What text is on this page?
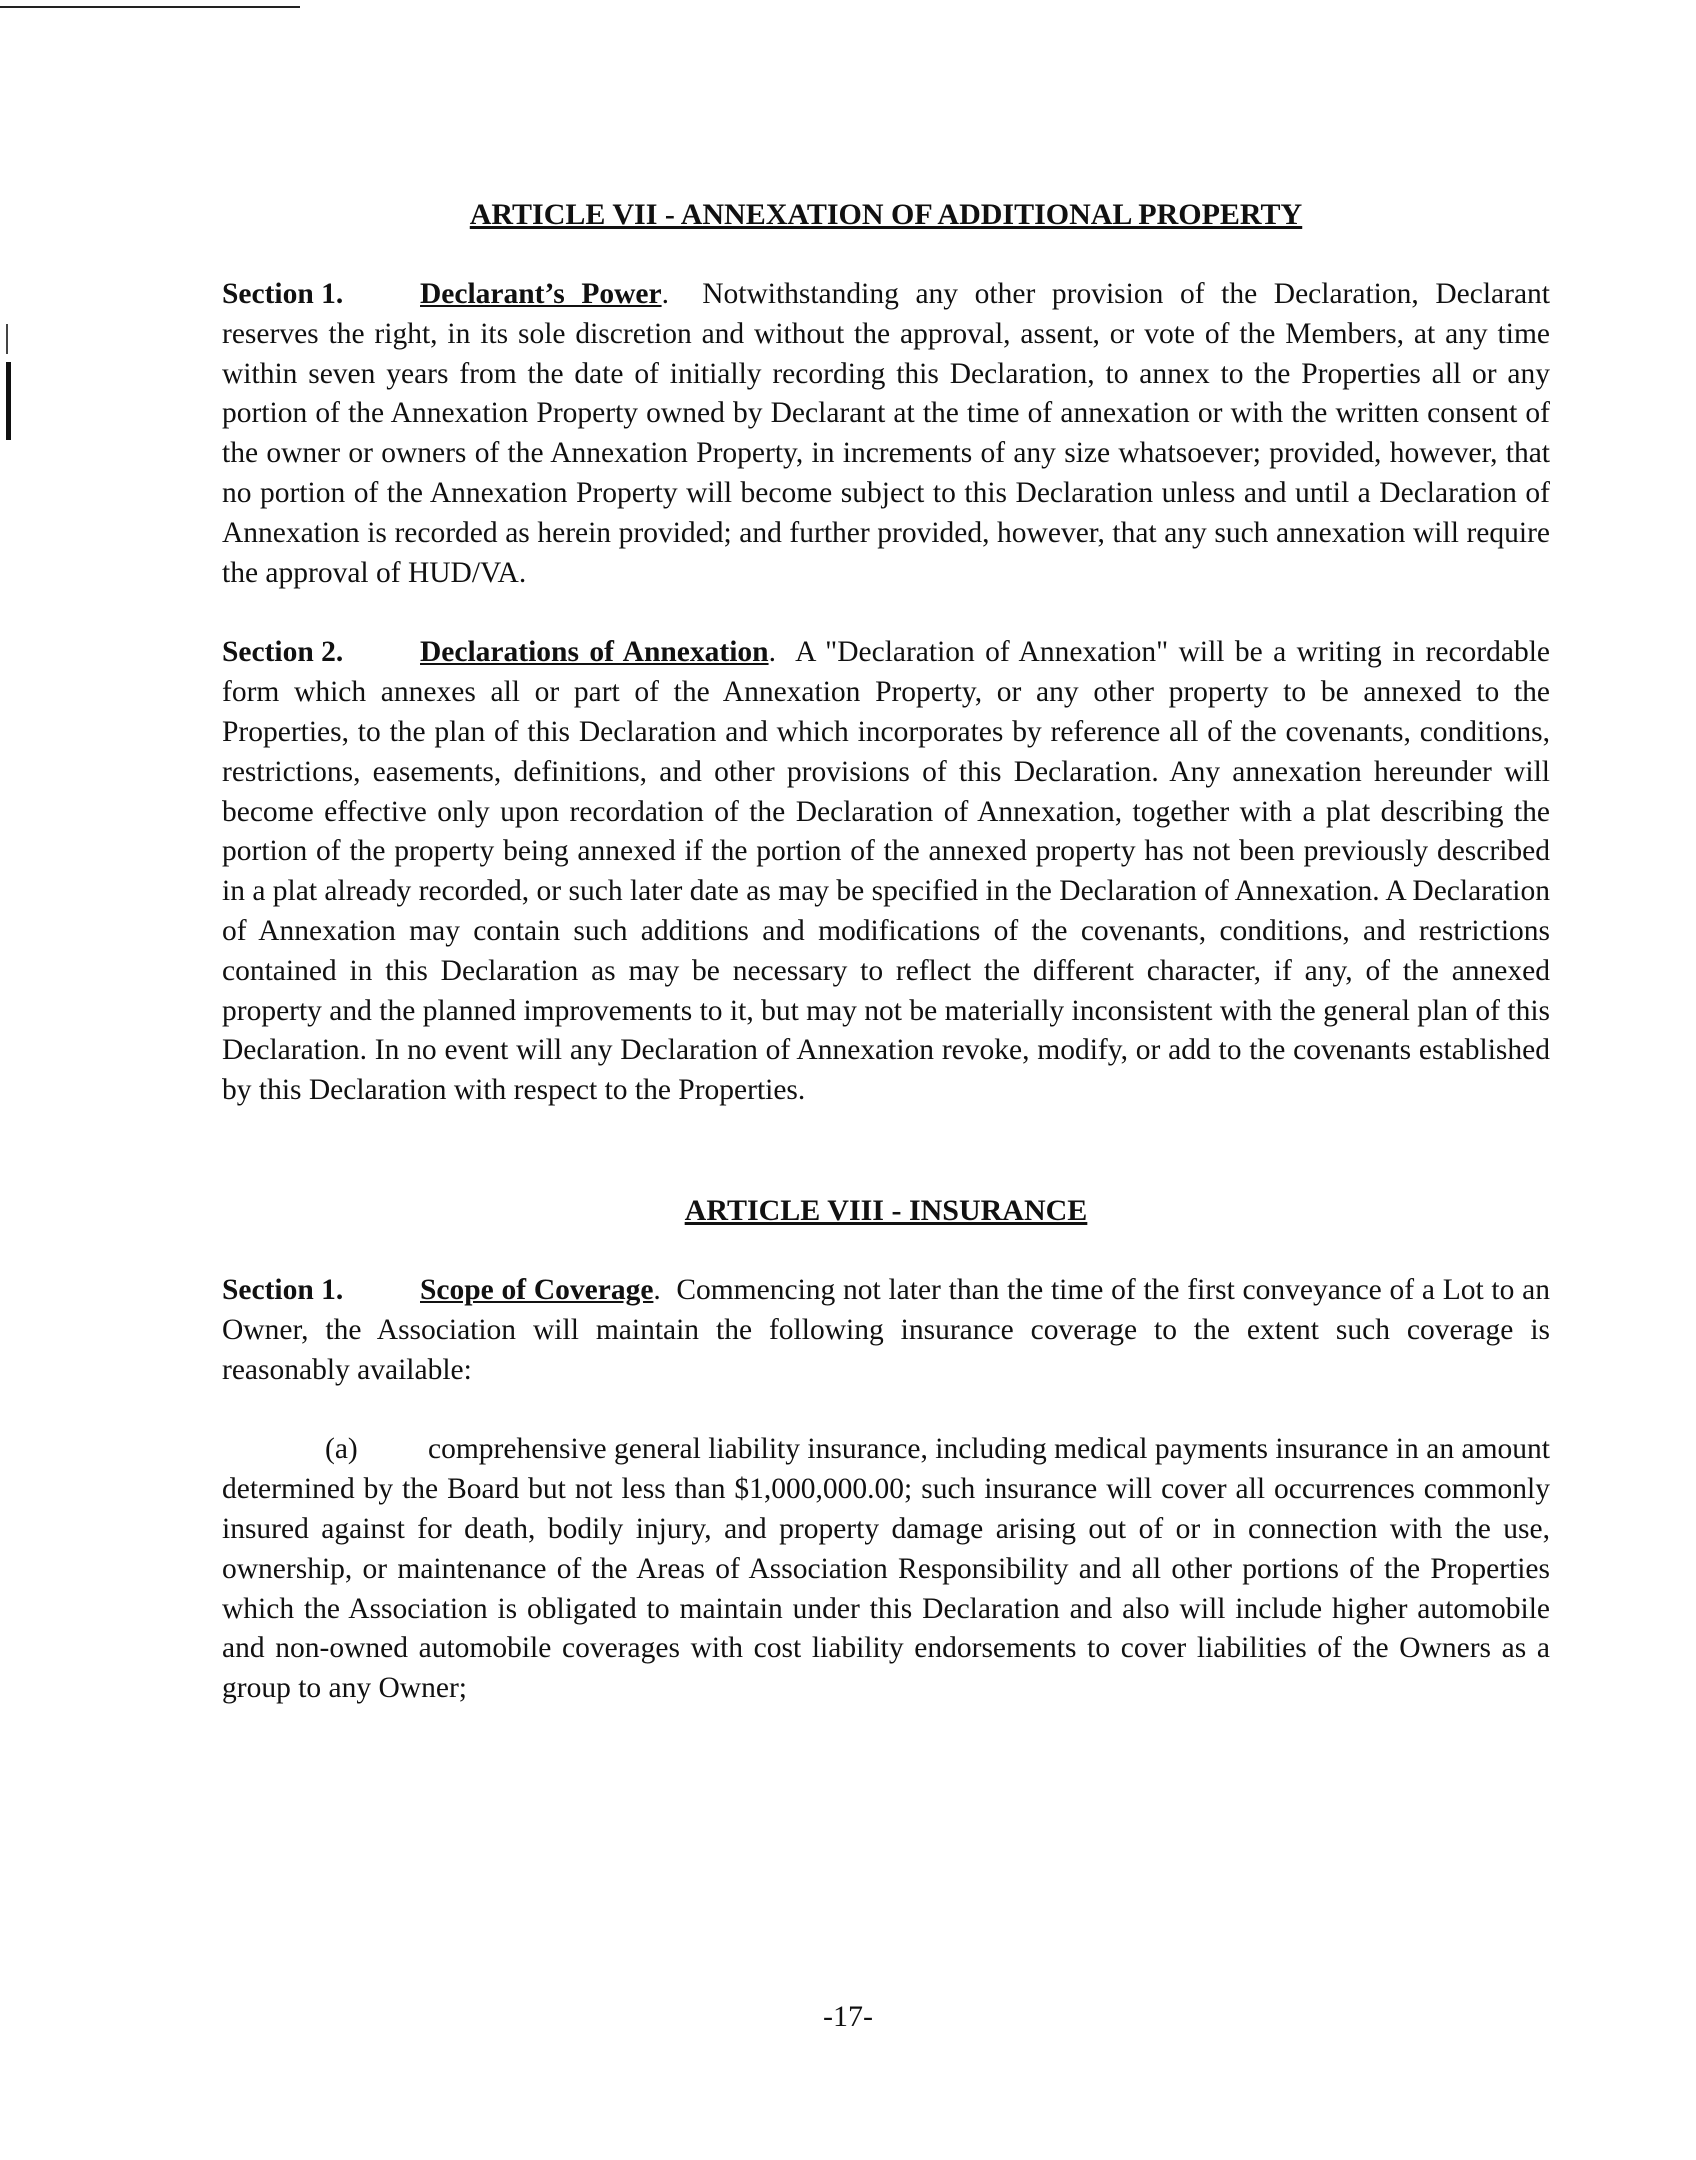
ARTICLE VII - ANNEXATION OF ADDITIONAL PROPERTY

Section 1.	Declarant’s Power.  Notwithstanding any other provision of the Declaration, Declarant reserves the right, in its sole discretion and without the approval, assent, or vote of the Members, at any time within seven years from the date of initially recording this Declaration, to annex to the Properties all or any portion of the Annexation Property owned by Declarant at the time of annexation or with the written consent of the owner or owners of the Annexation Property, in increments of any size whatsoever; provided, however, that no portion of the Annexation Property will become subject to this Declaration unless and until a Declaration of Annexation is recorded as herein provided; and further provided, however, that any such annexation will require the approval of HUD/VA.

Section 2.	Declarations of Annexation.  A "Declaration of Annexation" will be a writing in recordable form which annexes all or part of the Annexation Property, or any other property to be annexed to the Properties, to the plan of this Declaration and which incorporates by reference all of the covenants, conditions, restrictions, easements, definitions, and other provisions of this Declaration. Any annexation hereunder will become effective only upon recordation of the Declaration of Annexation, together with a plat describing the portion of the property being annexed if the portion of the annexed property has not been previously described in a plat already recorded, or such later date as may be specified in the Declaration of Annexation. A Declaration of Annexation may contain such additions and modifications of the covenants, conditions, and restrictions contained in this Declaration as may be necessary to reflect the different character, if any, of the annexed property and the planned improvements to it, but may not be materially inconsistent with the general plan of this Declaration. In no event will any Declaration of Annexation revoke, modify, or add to the covenants established by this Declaration with respect to the Properties.

ARTICLE VIII - INSURANCE

Section 1.	Scope of Coverage.  Commencing not later than the time of the first conveyance of a Lot to an Owner, the Association will maintain the following insurance coverage to the extent such coverage is reasonably available:

(a) comprehensive general liability insurance, including medical payments insurance in an amount determined by the Board but not less than $1,000,000.00; such insurance will cover all occurrences commonly insured against for death, bodily injury, and property damage arising out of or in connection with the use, ownership, or maintenance of the Areas of Association Responsibility and all other portions of the Properties which the Association is obligated to maintain under this Declaration and also will include higher automobile and non-owned automobile coverages with cost liability endorsements to cover liabilities of the Owners as a group to any Owner;

-17-
